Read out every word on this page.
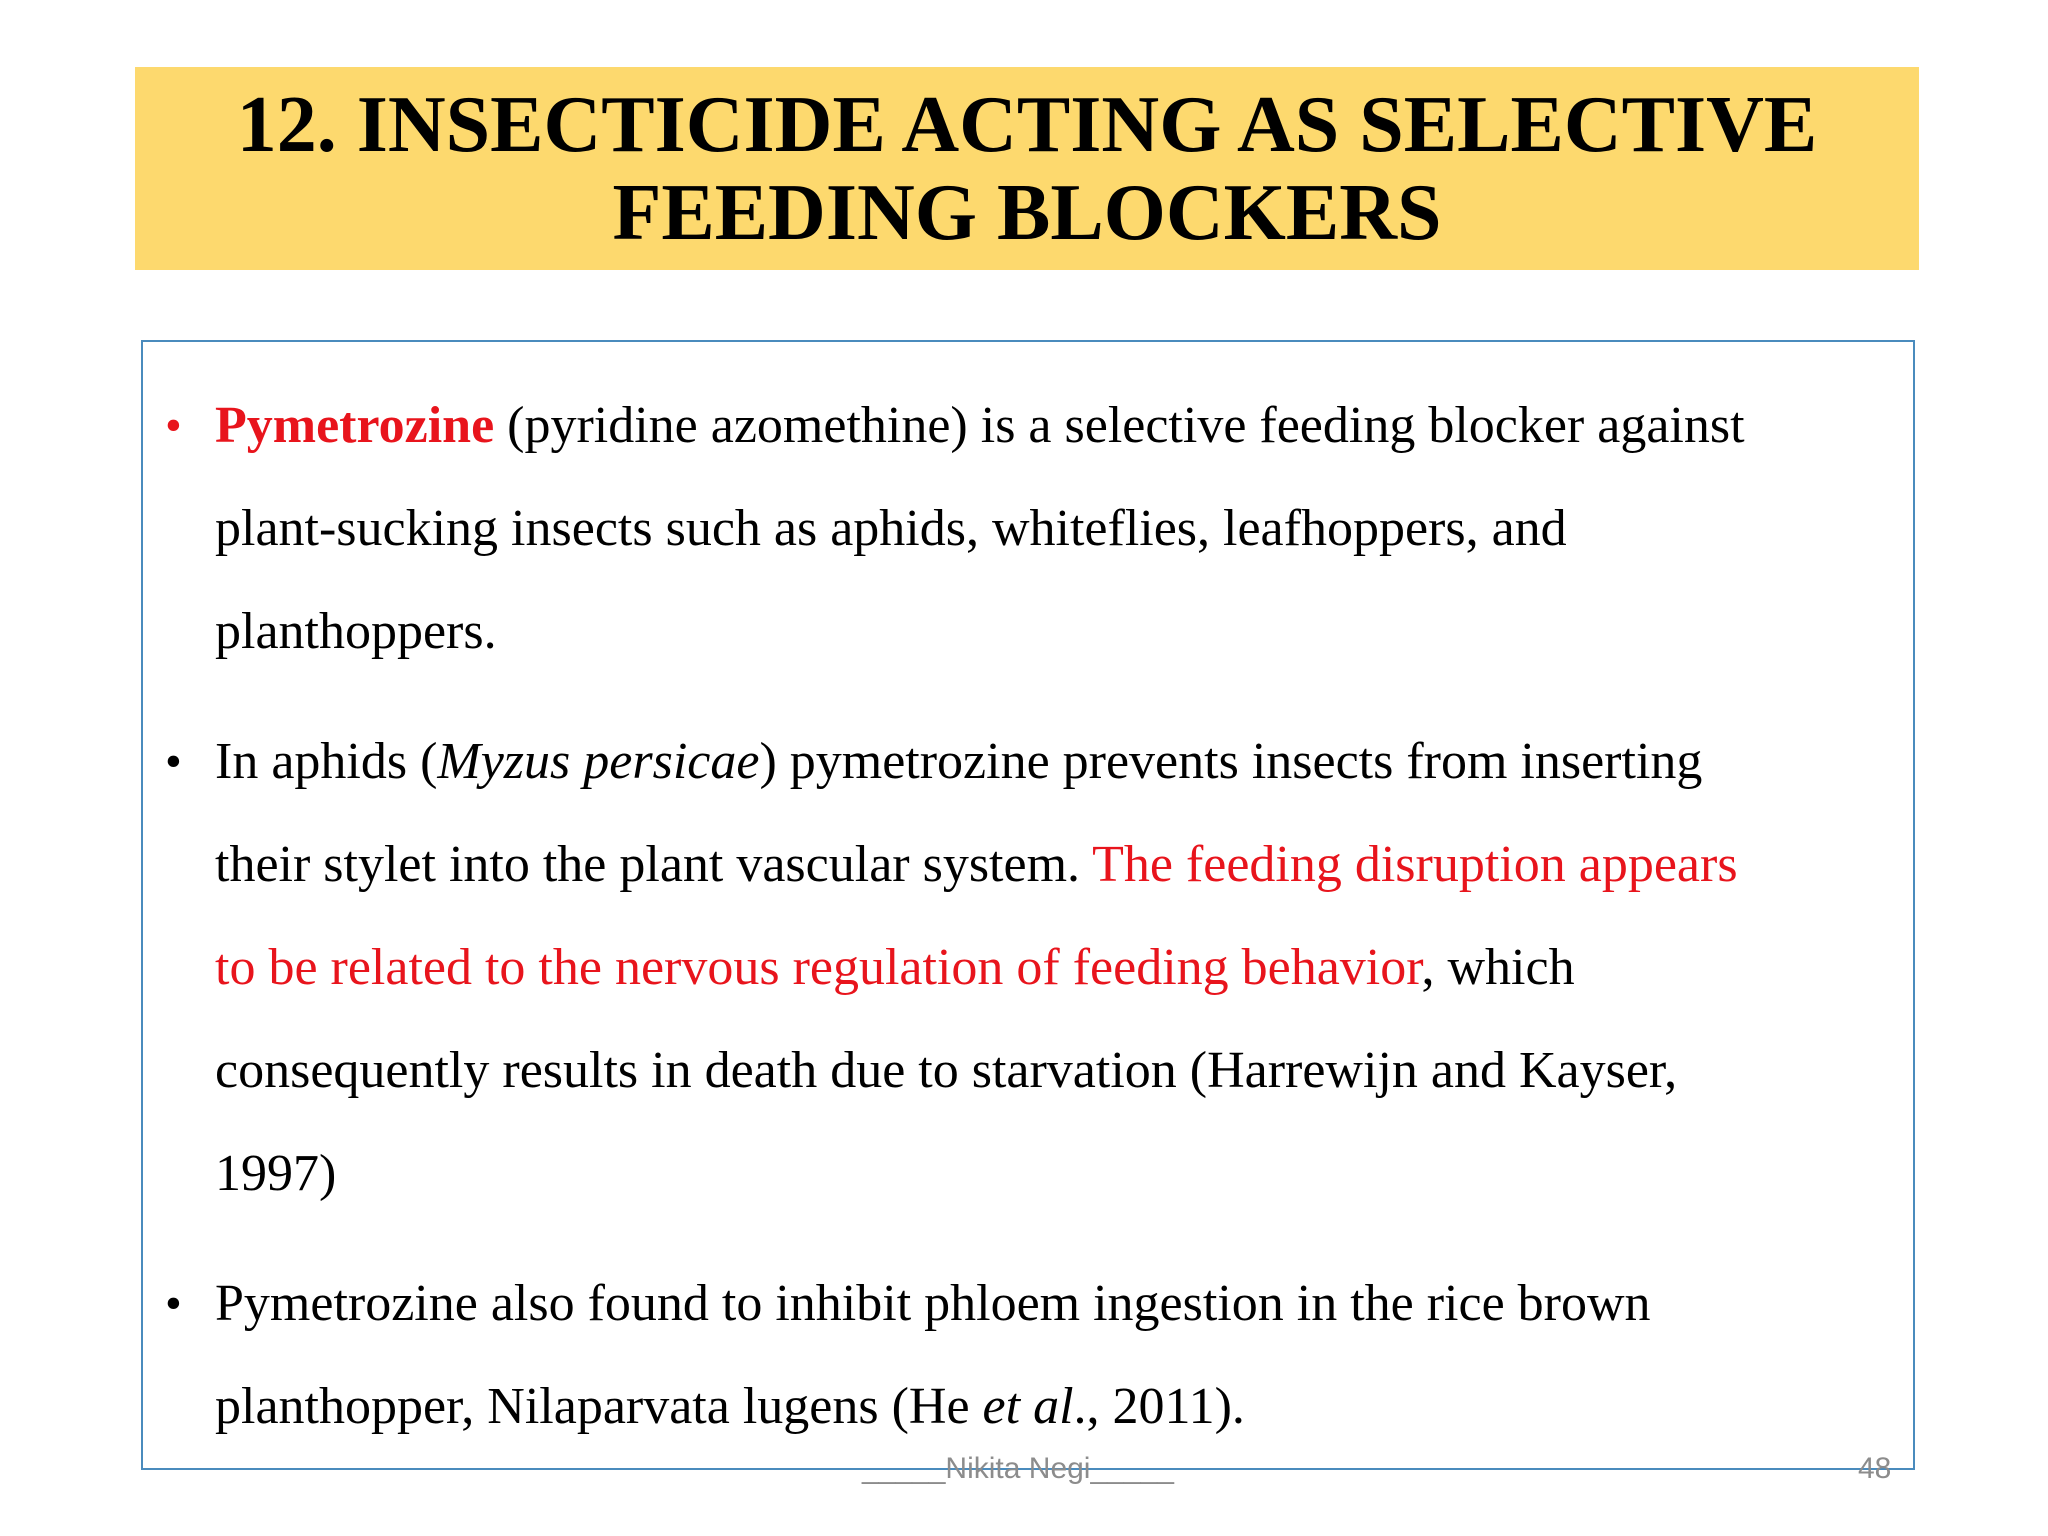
12. INSECTICIDE ACTING AS SELECTIVE
FEEDING BLOCKERS
• Pymetrozine (pyridine azomethine) is a selective feeding blocker against
plant-sucking insects such as aphids, whiteflies, leafhoppers, and
planthoppers.
• In aphids (Myzus persicae) pymetrozine prevents insects from inserting
their stylet into the plant vascular system. The feeding disruption appears
to be related to the nervous regulation of feeding behavior, which
consequently results in death due to starvation (Harrewijn and Kayser,
1997)
• Pymetrozine also found to inhibit phloem ingestion in the rice brown
planthopper, Nilaparvata lugens (He et al., 2011).
_____Nikita Negi_____	48
